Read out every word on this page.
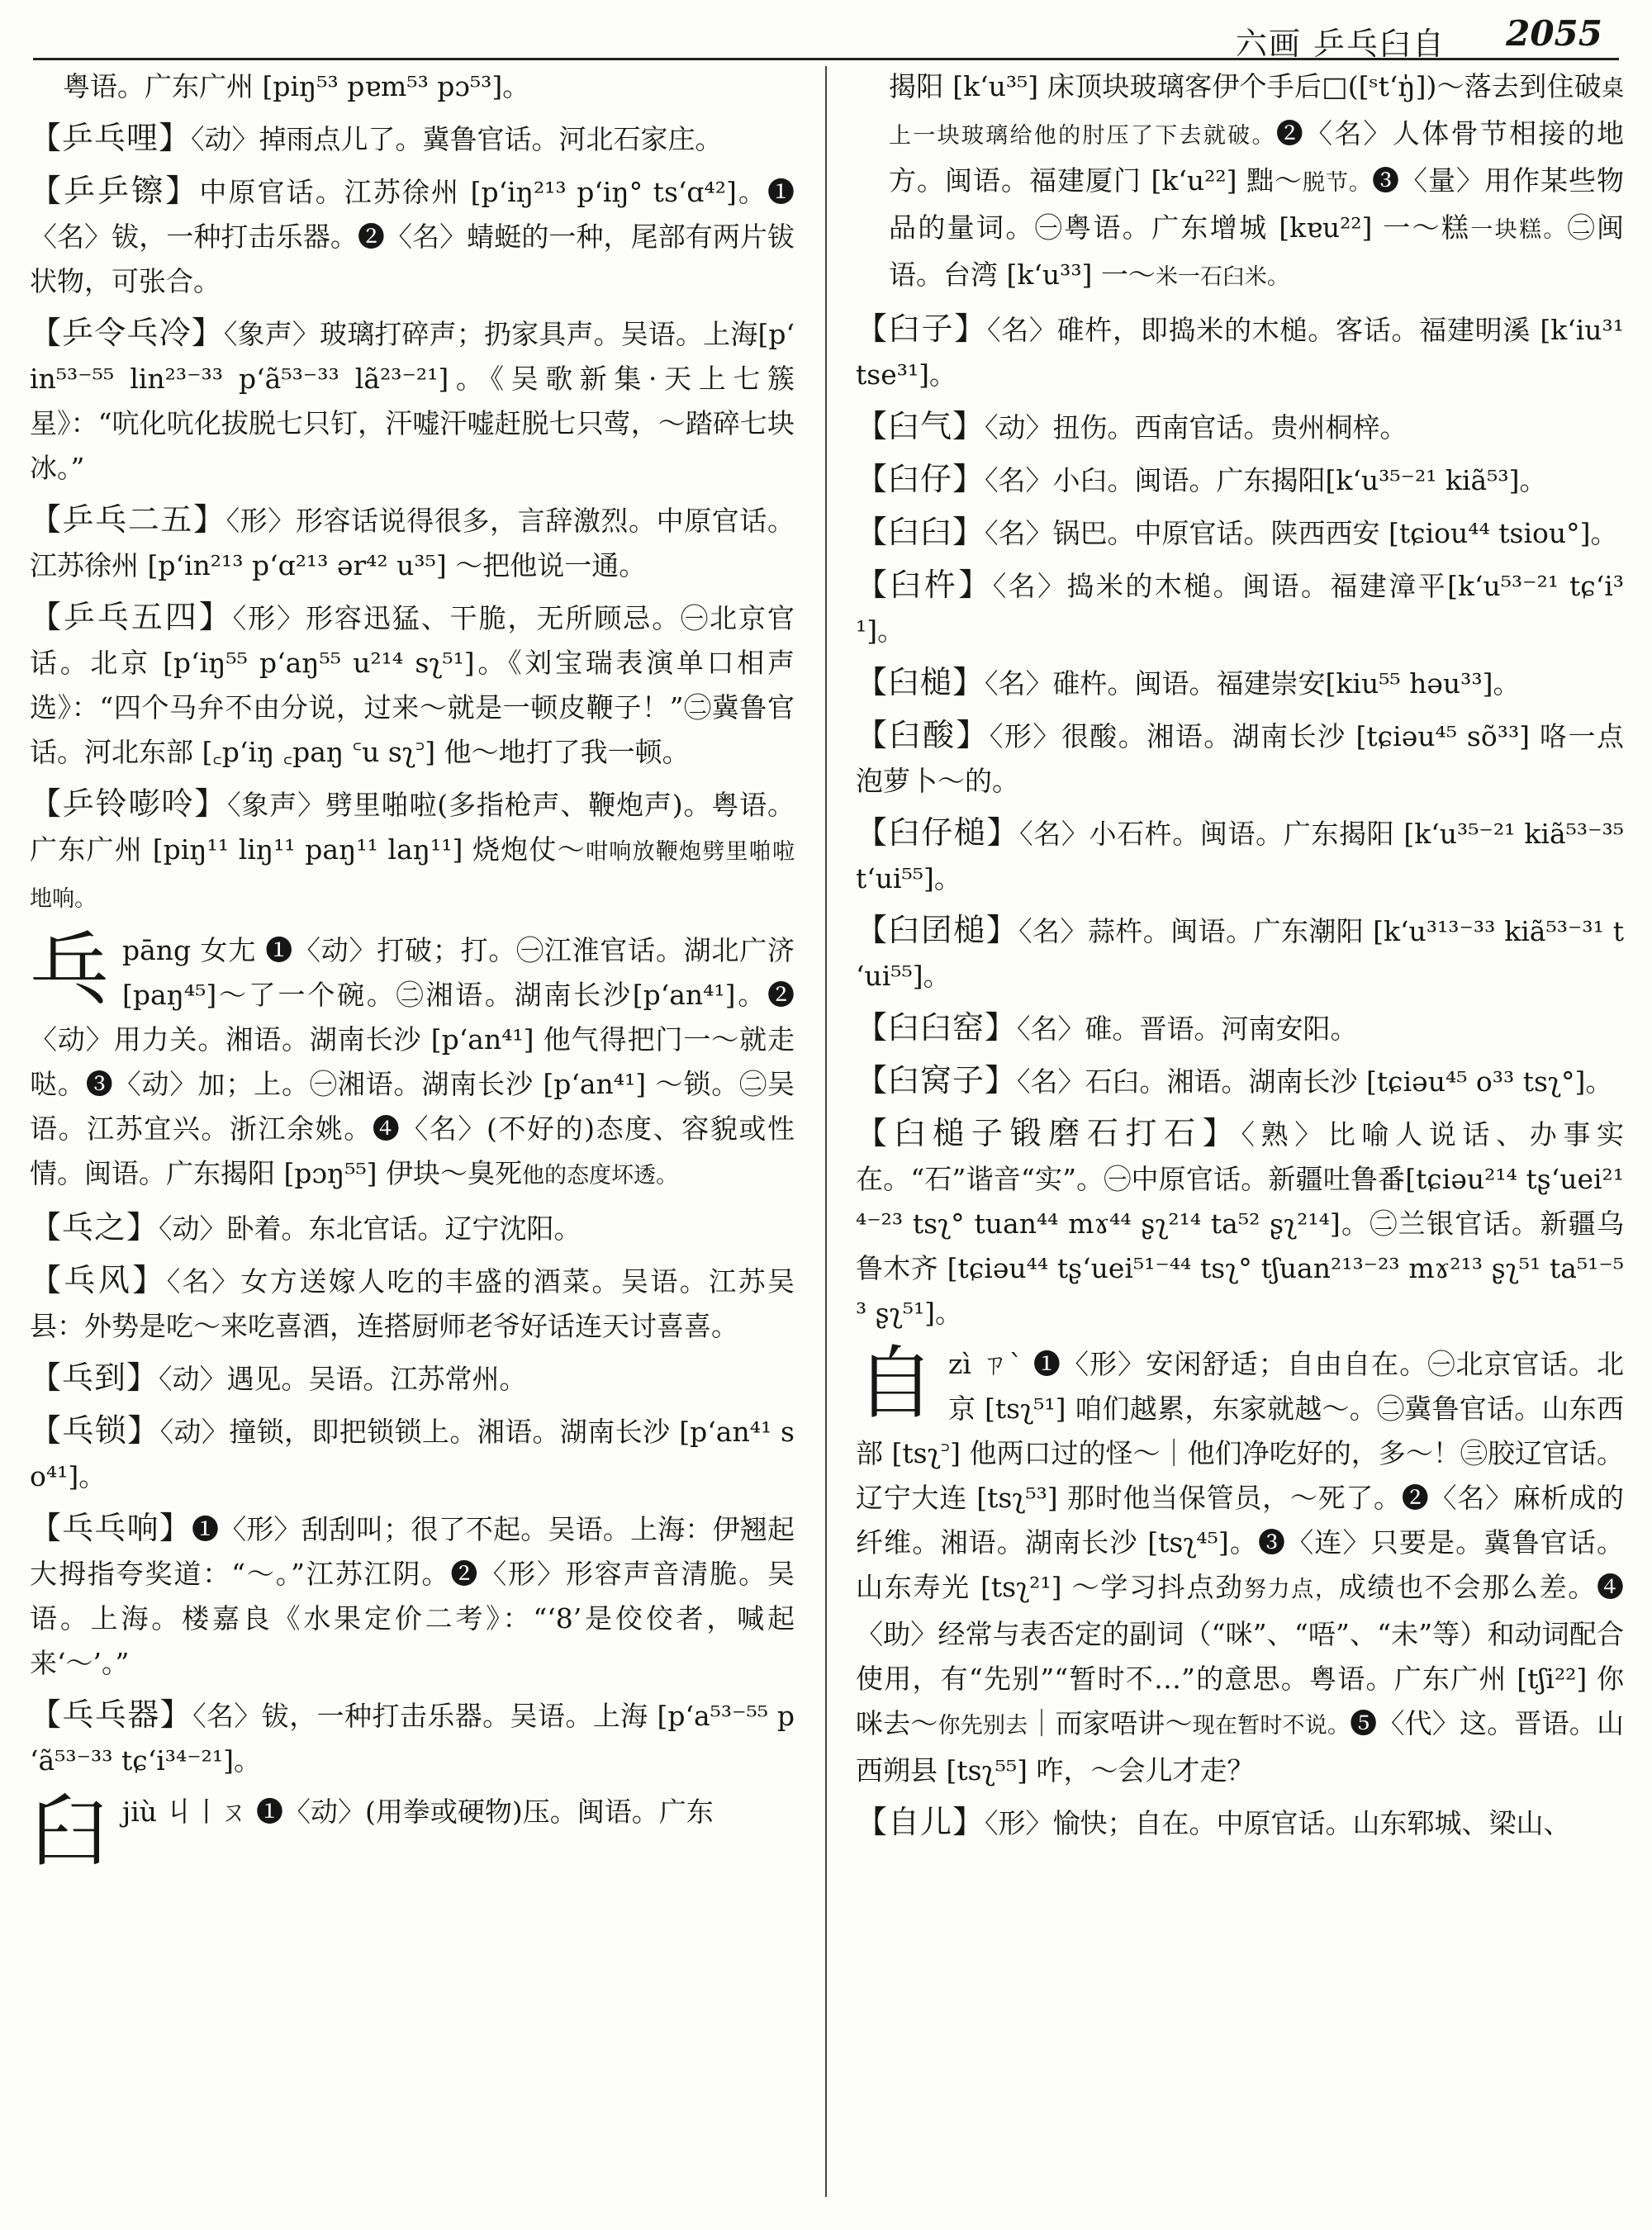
六画 乒乓臼自 2055

粤语。广东广州 [piŋ⁵³ pɐm⁵³ pɔ⁵³]。

【乒乓哩】〈动〉掉雨点儿了。冀鲁官话。河北石家庄。

【乒乒镲】中原官话。江苏徐州 [pʻiŋ²¹³ pʻiŋ° tsʻɑ⁴²]。❶〈名〉钹，一种打击乐器。❷〈名〉蜻蜓的一种，尾部有两片钹状物，可张合。

【乒令乓冷】〈象声〉玻璃打碎声；扔家具声。吴语。上海[pʻin⁵³⁻⁵⁵ lin²³⁻³³ pʻã⁵³⁻³³ lã²³⁻²¹]。《吴歌新集·天上七簇星》：“吭化吭化拔脱七只钉，汗嘘汗嘘赶脱七只莺，～踏碎七块冰。”

【乒乓二五】〈形〉形容话说得很多，言辞激烈。中原官话。江苏徐州 [pʻin²¹³ pʻɑ²¹³ ər⁴² u³⁵] ～把他说一通。

【乒乓五四】〈形〉形容迅猛、干脆，无所顾忌。㊀北京官话。北京 [pʻiŋ⁵⁵ pʻaŋ⁵⁵ u²¹⁴ sʅ⁵¹]。《刘宝瑞表演单口相声选》：“四个马弁不由分说，过来～就是一顿皮鞭子！”㊁冀鲁官话。河北东部 [꜀pʻiŋ ꜀paŋ ꜂u sʅ꜄] 他～地打了我一顿。

【乒铃嘭呤】〈象声〉劈里啪啦(多指枪声、鞭炮声)。粤语。广东广州 [piŋ¹¹ liŋ¹¹ paŋ¹¹ laŋ¹¹] 烧炮仗～咁响放鞭炮劈里啪啦地响。

乓pāng 女尢 ❶〈动〉打破；打。㊀江淮官话。湖北广济[paŋ⁴⁵]～了一个碗。㊁湘语。湖南长沙[pʻan⁴¹]。❷〈动〉用力关。湘语。湖南长沙 [pʻan⁴¹] 他气得把门一～就走哒。❸〈动〉加；上。㊀湘语。湖南长沙 [pʻan⁴¹] ～锁。㊁吴语。江苏宜兴。浙江余姚。❹〈名〉(不好的)态度、容貌或性情。闽语。广东揭阳 [pɔŋ⁵⁵] 伊块～臭死他的态度坏透。

【乓之】〈动〉卧着。东北官话。辽宁沈阳。

【乓风】〈名〉女方送嫁人吃的丰盛的酒菜。吴语。江苏吴县：外势是吃～来吃喜酒，连搭厨师老爷好话连天讨喜喜。

【乓到】〈动〉遇见。吴语。江苏常州。

【乓锁】〈动〉撞锁，即把锁锁上。湘语。湖南长沙 [pʻan⁴¹ so⁴¹]。

【乓乓响】❶〈形〉刮刮叫；很了不起。吴语。上海：伊翘起大拇指夸奖道：“～。”江苏江阴。❷〈形〉形容声音清脆。吴语。上海。楼嘉良《水果定价二考》：“‘8’是佼佼者，喊起来‘～’。”

【乓乓器】〈名〉钹，一种打击乐器。吴语。上海 [pʻa⁵³⁻⁵⁵ pʻã⁵³⁻³³ tɕʻi³⁴⁻²¹]。

臼jiù 丩丨ㄡ ❶〈动〉(用拳或硬物)压。闽语。广东

揭阳 [kʻu³⁵] 床顶块玻璃客伊个手后□([ˢtʻŋ̍])～落去到住破桌上一块玻璃给他的肘压了下去就破。❷〈名〉人体骨节相接的地方。闽语。福建厦门 [kʻu²²] 黜～脱节。❸〈量〉用作某些物品的量词。㊀粤语。广东增城 [kɐu²²] 一～糕一块糕。㊁闽语。台湾 [kʻu³³] 一～米一石臼米。

【臼子】〈名〉碓杵，即捣米的木槌。客话。福建明溪 [kʻiu³¹ tse³¹]。

【臼气】〈动〉扭伤。西南官话。贵州桐梓。

【臼仔】〈名〉小臼。闽语。广东揭阳[kʻu³⁵⁻²¹ kiã⁵³]。

【臼臼】〈名〉锅巴。中原官话。陕西西安 [tɕiou⁴⁴ tsiou°]。

【臼杵】〈名〉捣米的木槌。闽语。福建漳平[kʻu⁵³⁻²¹ tɕʻi³¹]。

【臼槌】〈名〉碓杵。闽语。福建崇安[kiu⁵⁵ həu³³]。

【臼酸】〈形〉很酸。湘语。湖南长沙 [tɕiəu⁴⁵ sõ³³] 咯一点泡萝卜～的。

【臼仔槌】〈名〉小石杵。闽语。广东揭阳 [kʻu³⁵⁻²¹ kiã⁵³⁻³⁵ tʻui⁵⁵]。

【臼囝槌】〈名〉蒜杵。闽语。广东潮阳 [kʻu³¹³⁻³³ kiã⁵³⁻³¹ tʻui⁵⁵]。

【臼臼窑】〈名〉碓。晋语。河南安阳。

【臼窝子】〈名〉石臼。湘语。湖南长沙 [tɕiəu⁴⁵ o³³ tsʅ°]。

【臼槌子锻磨石打石】〈熟〉比喻人说话、办事实在。“石”谐音“实”。㊀中原官话。新疆吐鲁番[tɕiəu²¹⁴ tʂʻuei²¹⁴⁻²³ tsʅ° tuan⁴⁴ mɤ⁴⁴ ʂʅ²¹⁴ ta⁵² ʂʅ²¹⁴]。㊁兰银官话。新疆乌鲁木齐 [tɕiəu⁴⁴ tʂʻuei⁵¹⁻⁴⁴ tsʅ° tʃuan²¹³⁻²³ mɤ²¹³ ʂʅ⁵¹ ta⁵¹⁻⁵³ ʂʅ⁵¹]。

自zì ㄗˋ ❶〈形〉安闲舒适；自由自在。㊀北京官话。北京 [tsʅ⁵¹] 咱们越累，东家就越～。㊁冀鲁官话。山东西部 [tsʅ꜄] 他两口过的怪～｜他们净吃好的，多～！㊂胶辽官话。辽宁大连 [tsʅ⁵³] 那时他当保管员，～死了。❷〈名〉麻析成的纤维。湘语。湖南长沙 [tsʅ⁴⁵]。❸〈连〉只要是。冀鲁官话。山东寿光 [tsʅ²¹] ～学习抖点劲努力点，成绩也不会那么差。❹〈助〉经常与表否定的副词（“咪”、“唔”、“未”等）和动词配合使用，有“先别”“暂时不…”的意思。粤语。广东广州 [tʃi²²] 你咪去～你先别去｜而家唔讲～现在暂时不说。❺〈代〉这。晋语。山西朔县 [tsʅ⁵⁵] 咋，～会儿才走？

【自儿】〈形〉愉快；自在。中原官话。山东郓城、梁山、
